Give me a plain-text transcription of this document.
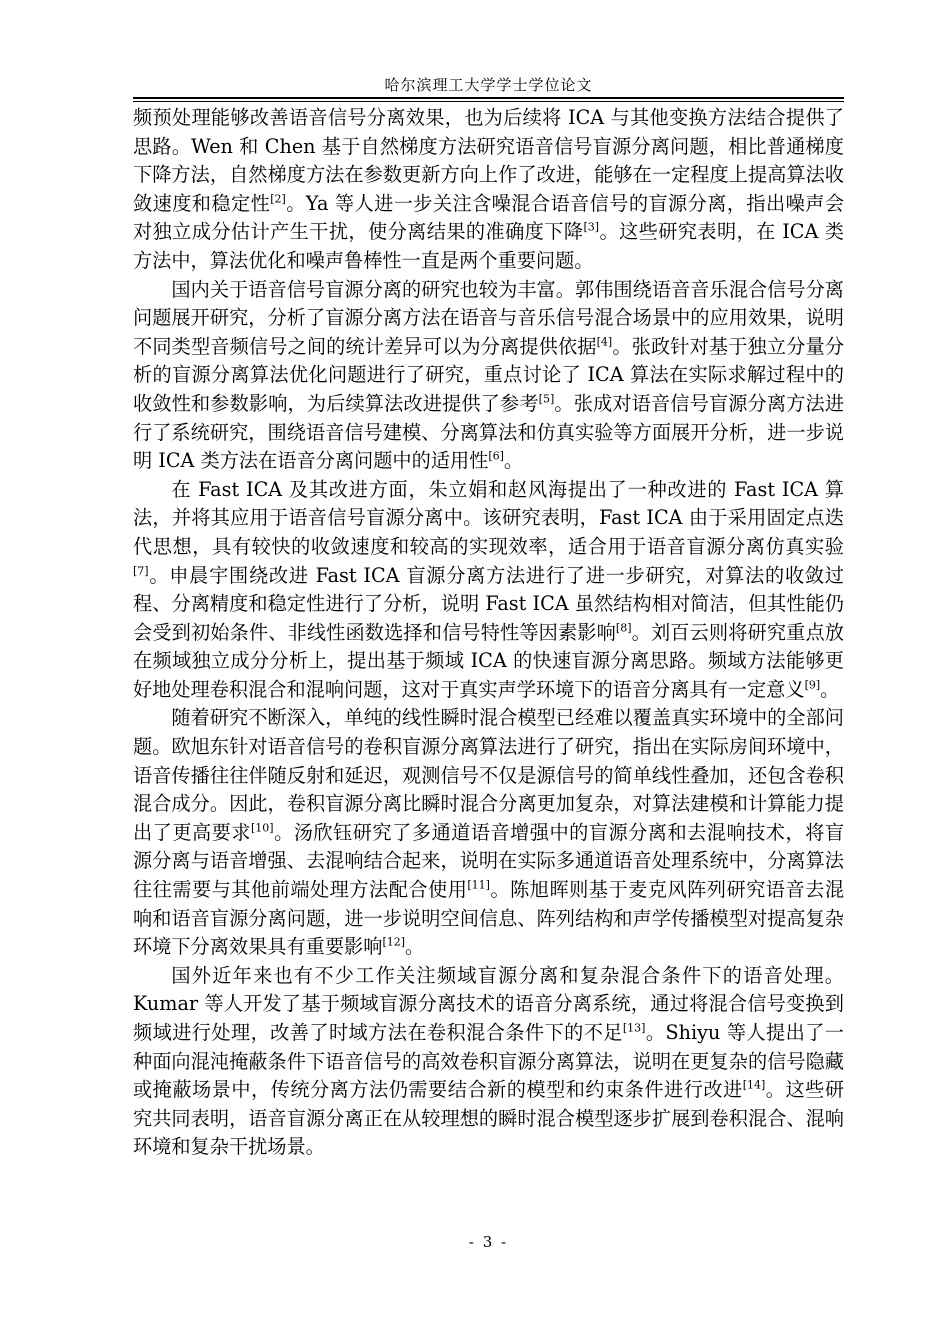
哈尔滨理工大学学士学位论文

频预处理能够改善语音信号分离效果，也为后续将 ICA 与其他变换方法结合提供了思路。Wen 和 Chen 基于自然梯度方法研究语音信号盲源分离问题，相比普通梯度下降方法，自然梯度方法在参数更新方向上作了改进，能够在一定程度上提高算法收敛速度和稳定性[2]。Ya 等人进一步关注含噪混合语音信号的盲源分离，指出噪声会对独立成分估计产生干扰，使分离结果的准确度下降[3]。这些研究表明，在 ICA 类方法中，算法优化和噪声鲁棒性一直是两个重要问题。

国内关于语音信号盲源分离的研究也较为丰富。郭伟围绕语音音乐混合信号分离问题展开研究，分析了盲源分离方法在语音与音乐信号混合场景中的应用效果，说明不同类型音频信号之间的统计差异可以为分离提供依据[4]。张政针对基于独立分量分析的盲源分离算法优化问题进行了研究，重点讨论了 ICA 算法在实际求解过程中的收敛性和参数影响，为后续算法改进提供了参考[5]。张成对语音信号盲源分离方法进行了系统研究，围绕语音信号建模、分离算法和仿真实验等方面展开分析，进一步说明 ICA 类方法在语音分离问题中的适用性[6]。

在 Fast ICA 及其改进方面，朱立娟和赵风海提出了一种改进的 Fast ICA 算法，并将其应用于语音信号盲源分离中。该研究表明，Fast ICA 由于采用固定点迭代思想，具有较快的收敛速度和较高的实现效率，适合用于语音盲源分离仿真实验[7]。申晨宇围绕改进 Fast ICA 盲源分离方法进行了进一步研究，对算法的收敛过程、分离精度和稳定性进行了分析，说明 Fast ICA 虽然结构相对简洁，但其性能仍会受到初始条件、非线性函数选择和信号特性等因素影响[8]。刘百云则将研究重点放在频域独立成分分析上，提出基于频域 ICA 的快速盲源分离思路。频域方法能够更好地处理卷积混合和混响问题，这对于真实声学环境下的语音分离具有一定意义[9]。

随着研究不断深入，单纯的线性瞬时混合模型已经难以覆盖真实环境中的全部问题。欧旭东针对语音信号的卷积盲源分离算法进行了研究，指出在实际房间环境中，语音传播往往伴随反射和延迟，观测信号不仅是源信号的简单线性叠加，还包含卷积混合成分。因此，卷积盲源分离比瞬时混合分离更加复杂，对算法建模和计算能力提出了更高要求[10]。汤欣钰研究了多通道语音增强中的盲源分离和去混响技术，将盲源分离与语音增强、去混响结合起来，说明在实际多通道语音处理系统中，分离算法往往需要与其他前端处理方法配合使用[11]。陈旭晖则基于麦克风阵列研究语音去混响和语音盲源分离问题，进一步说明空间信息、阵列结构和声学传播模型对提高复杂环境下分离效果具有重要影响[12]。

国外近年来也有不少工作关注频域盲源分离和复杂混合条件下的语音处理。Kumar 等人开发了基于频域盲源分离技术的语音分离系统，通过将混合信号变换到频域进行处理，改善了时域方法在卷积混合条件下的不足[13]。Shiyu 等人提出了一种面向混沌掩蔽条件下语音信号的高效卷积盲源分离算法，说明在更复杂的信号隐藏或掩蔽场景中，传统分离方法仍需要结合新的模型和约束条件进行改进[14]。这些研究共同表明，语音盲源分离正在从较理想的瞬时混合模型逐步扩展到卷积混合、混响环境和复杂干扰场景。

- 3 -
